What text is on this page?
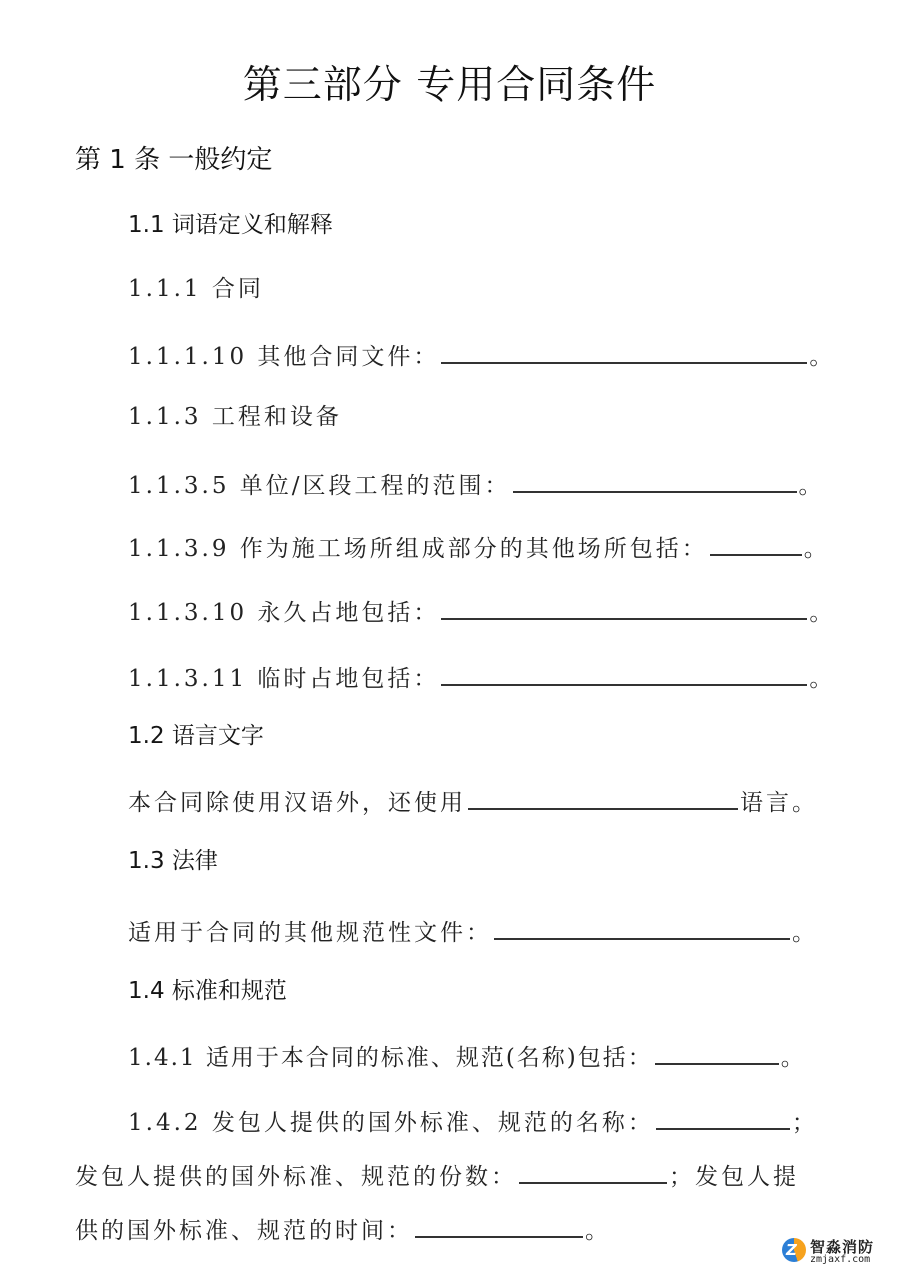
第三部分 专用合同条件
第 1 条 一般约定
1.1 词语定义和解释
1.1.1 合同
1.1.1.10 其他合同文件：	。
1.1.3 工程和设备
1.1.3.5 单位/区段工程的范围：	。
1.1.3.9 作为施工场所组成部分的其他场所包括：	。
1.1.3.10 永久占地包括：	。
1.1.3.11 临时占地包括：	。
1.2 语言文字
本合同除使用汉语外，还使用	语言。
1.3 法律
适用于合同的其他规范性文件：	。
1.4 标准和规范
1.4.1 适用于本合同的标准、规范(名称)包括：	。
1.4.2 发包人提供的国外标准、规范的名称：	；
发包人提供的国外标准、规范的份数：	；发包人提
供的国外标准、规范的时间：	。
Z 智淼消防
zmjaxf.com
